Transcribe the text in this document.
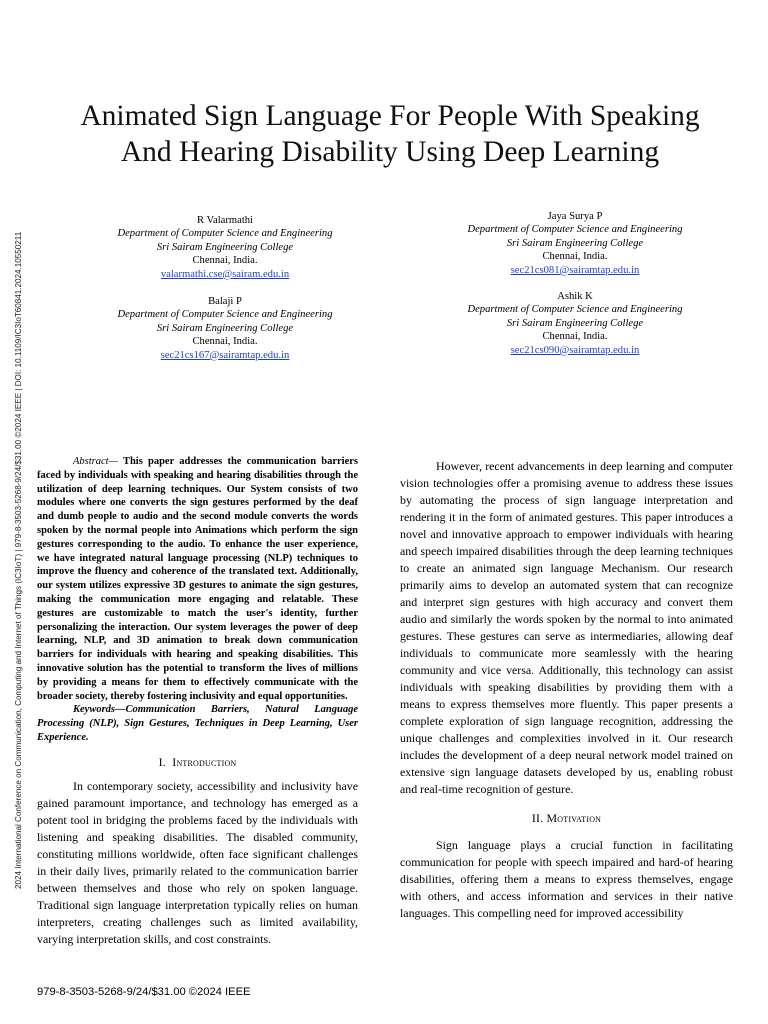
2024 International Conference on Communication, Computing and Internet of Things (IC3IoT) | 979-8-3503-5268-9/24/$31.00 ©2024 IEEE | DOI: 10.1109/IC3IoT60841.2024.10550211
Animated Sign Language For People With Speaking And Hearing Disability Using Deep Learning
R Valarmathi
Department of Computer Science and Engineering
Sri Sairam Engineering College
Chennai, India.
valarmathi.cse@sairam.edu.in
Balaji P
Department of Computer Science and Engineering
Sri Sairam Engineering College
Chennai, India.
sec21cs167@sairamtap.edu.in
Jaya Surya P
Department of Computer Science and Engineering
Sri Sairam Engineering College
Chennai, India.
sec21cs081@sairamtap.edu.in
Ashik K
Department of Computer Science and Engineering
Sri Sairam Engineering College
Chennai, India.
sec21cs090@sairamtap.edu.in

Abstract— This paper addresses the communication barriers faced by individuals with speaking and hearing disabilities through the utilization of deep learning techniques. Our System consists of two modules where one converts the sign gestures performed by the deaf and dumb people to audio and the second module converts the words spoken by the normal people into Animations which perform the sign gestures corresponding to the audio. To enhance the user experience, we have integrated natural language processing (NLP) techniques to improve the fluency and coherence of the translated text. Additionally, our system utilizes expressive 3D gestures to animate the sign gestures, making the communication more engaging and relatable. These gestures are customizable to match the user's identity, further personalizing the interaction. Our system leverages the power of deep learning, NLP, and 3D animation to break down communication barriers for individuals with hearing and speaking disabilities. This innovative solution has the potential to transform the lives of millions by providing a means for them to effectively communicate with the broader society, thereby fostering inclusivity and equal opportunities.

Keywords—Communication Barriers, Natural Language Processing (NLP), Sign Gestures, Techniques in Deep Learning, User Experience.

I. Introduction

In contemporary society, accessibility and inclusivity have gained paramount importance, and technology has emerged as a potent tool in bridging the problems faced by the individuals with listening and speaking disabilities. The disabled community, constituting millions worldwide, often face significant challenges in their daily lives, primarily related to the communication barrier between themselves and those who rely on spoken language. Traditional sign language interpretation typically relies on human interpreters, creating challenges such as limited availability, varying interpretation skills, and cost constraints.

However, recent advancements in deep learning and computer vision technologies offer a promising avenue to address these issues by automating the process of sign language interpretation and rendering it in the form of animated gestures. This paper introduces a novel and innovative approach to empower individuals with hearing and speech impaired disabilities through the deep learning techniques to create an animated sign language Mechanism. Our research primarily aims to develop an automated system that can recognize and interpret sign gestures with high accuracy and convert them audio and similarly the words spoken by the normal to into animated gestures. These gestures can serve as intermediaries, allowing deaf individuals to communicate more seamlessly with the hearing community and vice versa. Additionally, this technology can assist individuals with speaking disabilities by providing them with a means to express themselves more fluently. This paper presents a complete exploration of sign language recognition, addressing the unique challenges and complexities involved in it. Our research includes the development of a deep neural network model trained on extensive sign language datasets developed by us, enabling robust and real-time recognition of gesture.

II. Motivation

Sign language plays a crucial function in facilitating communication for people with speech impaired and hard-of hearing disabilities, offering them a means to express themselves, engage with others, and access information and services in their native languages. This compelling need for improved accessibility

979-8-3503-5268-9/24/$31.00 ©2024 IEEE
